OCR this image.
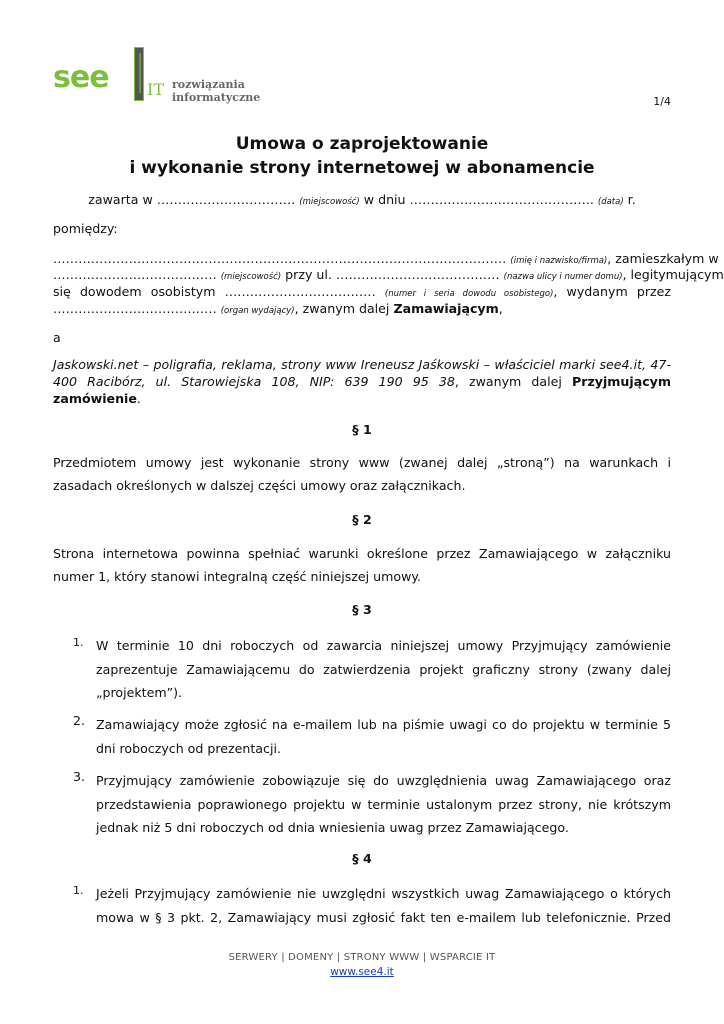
see IT rozwiązania informatyczne	1/4
Umowa o zaprojektowanie
i wykonanie strony internetowej w abonamencie
zawarta w …………………………… (miejscowość) w dniu …………………………………….. (data) r.
pomiędzy:
……………………………………………………………………………………………… (imię i nazwisko/firma), zamieszkałym w
………………………………… (miejscowość) przy ul. ………………………………… (nazwa ulicy i numer domu), legitymującym
się dowodem osobistym ……………………………… (numer i seria dowodu osobistego), wydanym przez
………………………………… (organ wydający), zwanym dalej Zamawiającym,
a
Jaskowski.net – poligrafia, reklama, strony www Ireneusz Jaśkowski – właściciel marki see4.it, 47-400 Racibórz, ul. Starowiejska 108, NIP: 639 190 95 38, zwanym dalej Przyjmującym zamówienie.
§ 1
Przedmiotem umowy jest wykonanie strony www (zwanej dalej „stroną”) na warunkach i zasadach określonych w dalszej części umowy oraz załącznikach.
§ 2
Strona internetowa powinna spełniać warunki określone przez Zamawiającego w załączniku numer 1, który stanowi integralną część niniejszej umowy.
§ 3
1. W terminie 10 dni roboczych od zawarcia niniejszej umowy Przyjmujący zamówienie zaprezentuje Zamawiającemu do zatwierdzenia projekt graficzny strony (zwany dalej „projektem”).
2. Zamawiający może zgłosić na e-mailem lub na piśmie uwagi co do projektu w terminie 5 dni roboczych od prezentacji.
3. Przyjmujący zamówienie zobowiązuje się do uwzględnienia uwag Zamawiającego oraz przedstawienia poprawionego projektu w terminie ustalonym przez strony, nie krótszym jednak niż 5 dni roboczych od dnia wniesienia uwag przez Zamawiającego.
§ 4
1. Jeżeli Przyjmujący zamówienie nie uwzględni wszystkich uwag Zamawiającego o których mowa w § 3 pkt. 2, Zamawiający musi zgłosić fakt ten e-mailem lub telefonicznie. Przed
SERWERY | DOMENY | STRONY WWW | WSPARCIE IT
www.see4.it
